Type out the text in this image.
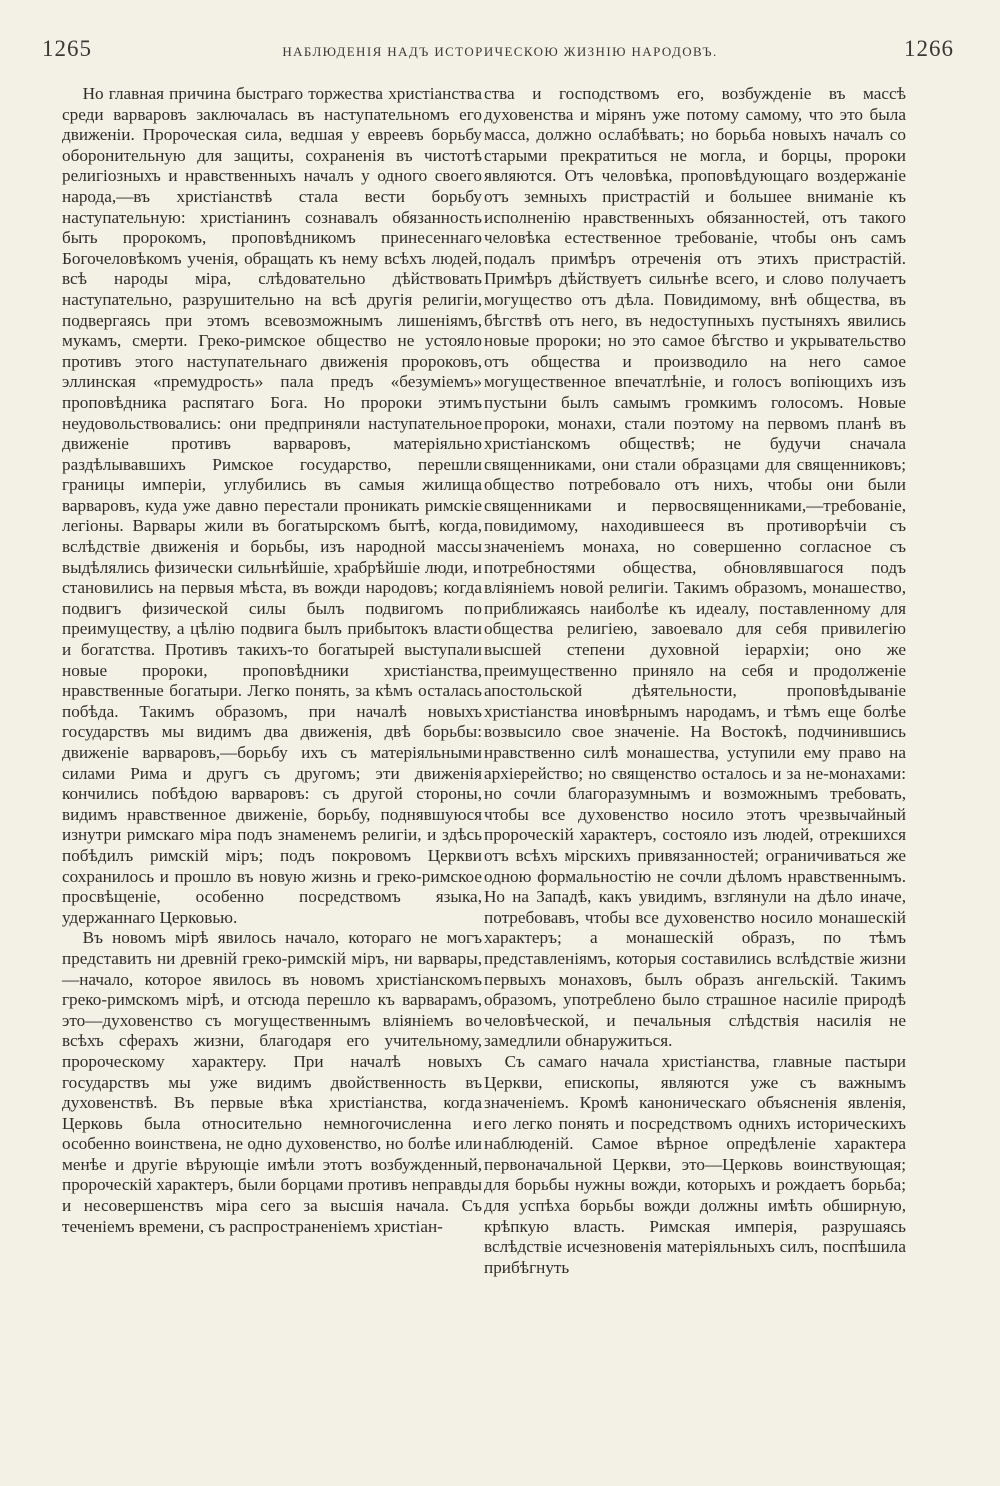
1265	НАБЛЮДЕНІЯ НАДЪ ИСТОРИЧЕСКОЮ ЖИЗНІЮ НАРОДОВЪ.	1266

Но главная причина быстраго торжества христіанства среди варваровъ заключалась въ наступательномъ его движеніи. Пророческая сила, ведшая у евреевъ борьбу оборонительную для защиты, сохраненія въ чистотѣ религіозныхъ и нравственныхъ началъ у одного своего народа,—въ христіанствѣ стала вести борьбу наступательную: христіанинъ сознавалъ обязанность быть пророкомъ, проповѣдникомъ принесеннаго Богочеловѣкомъ ученія, обращать къ нему всѣхъ людей, всѣ народы міра, слѣдовательно дѣйствовать наступательно, разрушительно на всѣ другія религіи, подвергаясь при этомъ всевозможнымъ лишеніямъ, мукамъ, смерти. Греко-римское общество не устояло противъ этого наступательнаго движенія пророковъ, эллинская «премудрость» пала предъ «безуміемъ» проповѣдника распятаго Бога. Но пророки этимъ неудовольствовались: они предприняли наступательное движеніе противъ варваровъ, матеріяльно раздѣлывавшихъ Римское государство, перешли границы имперіи, углубились въ самыя жилища варваровъ, куда уже давно перестали проникать римскіе легіоны. Варвары жили въ богатырскомъ бытѣ, когда, вслѣдствіе движенія и борьбы, изъ народной массы выдѣлялись физически сильнѣйшіе, храбрѣйшіе люди, и становились на первыя мѣста, въ вожди народовъ; когда подвигъ физической силы былъ подвигомъ по преимуществу, а цѣлію подвига былъ прибытокъ власти и богатства. Противъ такихъ-то богатырей выступали новые пророки, проповѣдники христіанства, нравственные богатыри. Легко понять, за кѣмъ осталась побѣда. Такимъ образомъ, при началѣ новыхъ государствъ мы видимъ два движенія, двѣ борьбы: движеніе варваровъ,—борьбу ихъ съ матеріяльными силами Рима и другъ съ другомъ; эти движенія кончились побѣдою варваровъ: съ другой стороны, видимъ нравственное движеніе, борьбу, поднявшуюся изнутри римскаго міра подъ знаменемъ религіи, и здѣсь побѣдилъ римскій міръ; подъ покровомъ Церкви сохранилось и прошло въ новую жизнь и греко-римское просвѣщеніе, особенно посредствомъ языка, удержаннаго Церковью.

Въ новомъ мірѣ явилось начало, котораго не могъ представить ни древній греко-римскій міръ, ни варвары,—начало, которое явилось въ новомъ христіанскомъ греко-римскомъ мірѣ, и отсюда перешло къ варварамъ, это—духовенство съ могущественнымъ вліяніемъ во всѣхъ сферахъ жизни, благодаря его учительному, пророческому характеру. При началѣ новыхъ государствъ мы уже видимъ двойственность въ духовенствѣ. Въ первые вѣка христіанства, когда Церковь была относительно немногочисленна и особенно воинствена, не одно духовенство, но болѣе или менѣе и другіе вѣрующіе имѣли этотъ возбужденный, пророческій характеръ, были борцами противъ неправды и несовершенствъ міра сего за высшія начала. Съ теченіемъ времени, съ распространеніемъ христіан-

ства и господствомъ его, возбужденіе въ массѣ духовенства и мірянъ уже потому самому, что это была масса, должно ослабѣвать; но борьба новыхъ началъ со старыми прекратиться не могла, и борцы, пророки являются. Отъ человѣка, проповѣдующаго воздержаніе отъ земныхъ пристрастій и большее вниманіе къ исполненію нравственныхъ обязанностей, отъ такого человѣка естественное требованіе, чтобы онъ самъ подалъ примѣръ отреченія отъ этихъ пристрастій. Примѣръ дѣйствуетъ сильнѣе всего, и слово получаетъ могущество отъ дѣла. Повидимому, внѣ общества, въ бѣгствѣ отъ него, въ недоступныхъ пустыняхъ явились новые пророки; но это самое бѣгство и укрывательство отъ общества и производило на него самое могущественное впечатлѣніе, и голосъ вопіющихъ изъ пустыни былъ самымъ громкимъ голосомъ. Новые пророки, монахи, стали поэтому на первомъ планѣ въ христіанскомъ обществѣ; не будучи сначала священниками, они стали образцами для священниковъ; общество потребовало отъ нихъ, чтобы они были священниками и первосвященниками,—требованіе, повидимому, находившееся въ противорѣчіи съ значеніемъ монаха, но совершенно согласное съ потребностями общества, обновлявшагося подъ вліяніемъ новой религіи. Такимъ образомъ, монашество, приближаясь наиболѣе къ идеалу, поставленному для общества религіею, завоевало для себя привилегію высшей степени духовной іерархіи; оно же преимущественно приняло на себя и продолженіе апостольской дѣятельности, проповѣдываніе христіанства иновѣрнымъ народамъ, и тѣмъ еще болѣе возвысило свое значеніе. На Востокѣ, подчинившись нравственно силѣ монашества, уступили ему право на архіерейство; но священство осталось и за не-монахами: но сочли благоразумнымъ и возможнымъ требовать, чтобы все духовенство носило этотъ чрезвычайный пророческій характеръ, состояло изъ людей, отрекшихся отъ всѣхъ мірскихъ привязанностей; ограничиваться же одною формальностію не сочли дѣломъ нравственнымъ. Но на Западѣ, какъ увидимъ, взглянули на дѣло иначе, потребовавъ, чтобы все духовенство носило монашескій характеръ; а монашескій образъ, по тѣмъ представленіямъ, которыя составились вслѣдствіе жизни первыхъ монаховъ, былъ образъ ангельскій. Такимъ образомъ, употреблено было страшное насиліе природѣ человѣческой, и печальныя слѣдствія насилія не замедлили обнаружиться.

Съ самаго начала христіанства, главные пастыри Церкви, епископы, являются уже съ важнымъ значеніемъ. Кромѣ каноническаго объясненія явленія, его легко понять и посредствомъ однихъ историческихъ наблюденій. Самое вѣрное опредѣленіе характера первоначальной Церкви, это—Церковь воинствующая; для борьбы нужны вожди, которыхъ и рождаетъ борьба; для успѣха борьбы вожди должны имѣть обширную, крѣпкую власть. Римская имперія, разрушаясь вслѣдствіе исчезновенія матеріяльныхъ силъ, поспѣшила прибѣгнуть
